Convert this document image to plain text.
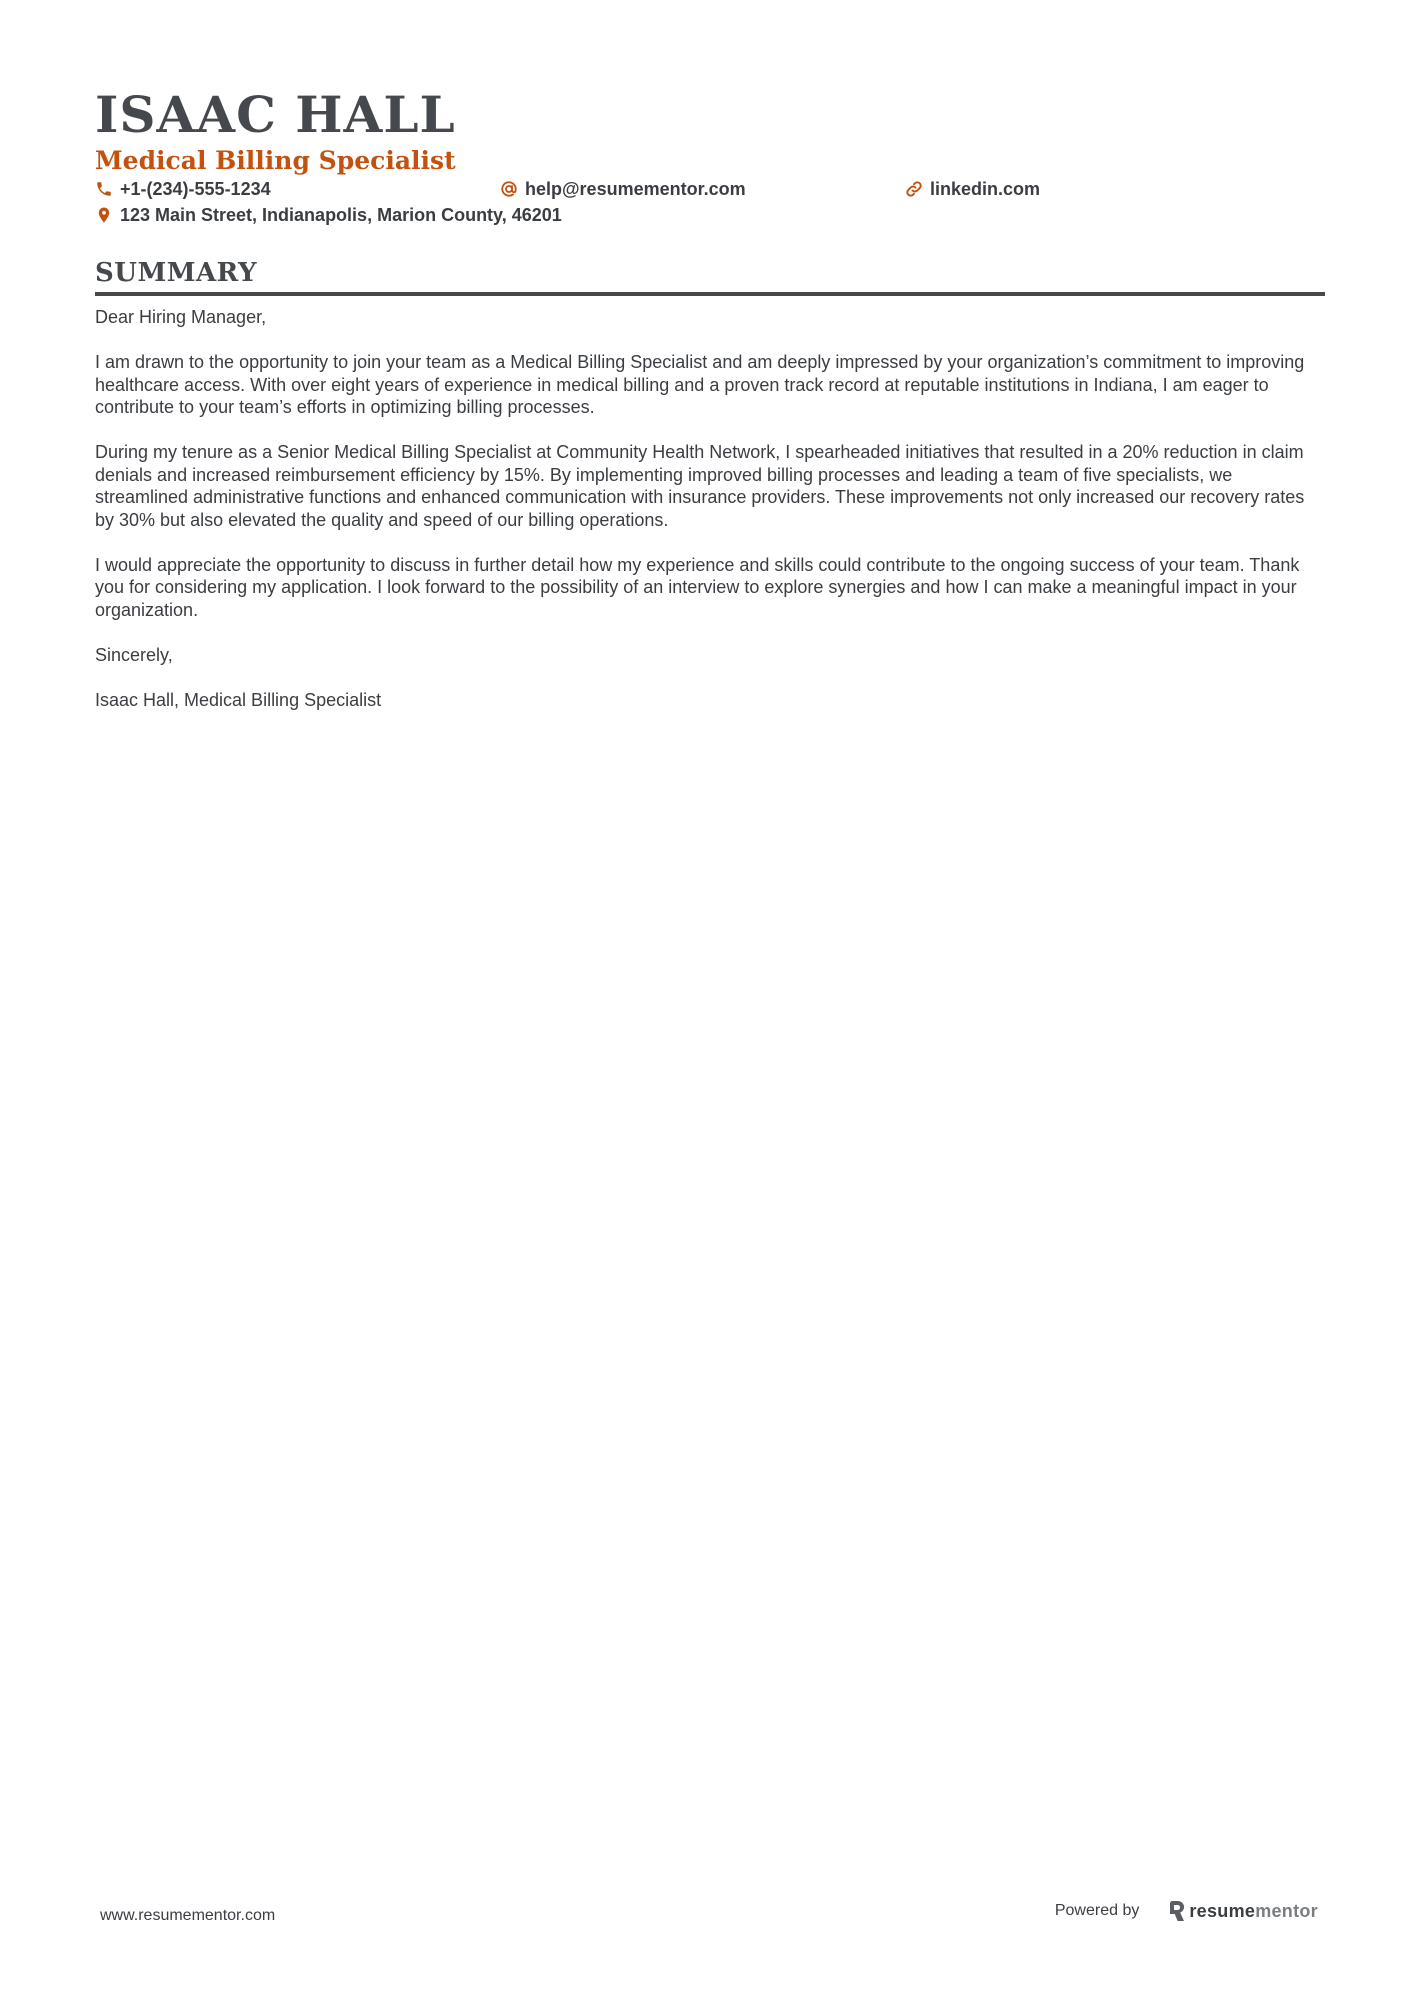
ISAAC HALL
Medical Billing Specialist
+1-(234)-555-1234	help@resumementor.com	linkedin.com
123 Main Street, Indianapolis, Marion County, 46201
SUMMARY

Dear Hiring Manager,

I am drawn to the opportunity to join your team as a Medical Billing Specialist and am deeply impressed by your organization’s commitment to improving healthcare access. With over eight years of experience in medical billing and a proven track record at reputable institutions in Indiana, I am eager to contribute to your team’s efforts in optimizing billing processes.

During my tenure as a Senior Medical Billing Specialist at Community Health Network, I spearheaded initiatives that resulted in a 20% reduction in claim denials and increased reimbursement efficiency by 15%. By implementing improved billing processes and leading a team of five specialists, we streamlined administrative functions and enhanced communication with insurance providers. These improvements not only increased our recovery rates by 30% but also elevated the quality and speed of our billing operations.

I would appreciate the opportunity to discuss in further detail how my experience and skills could contribute to the ongoing success of your team. Thank you for considering my application. I look forward to the possibility of an interview to explore synergies and how I can make a meaningful impact in your organization.

Sincerely,

Isaac Hall, Medical Billing Specialist

www.resumementor.com	Powered by	resume mentor
